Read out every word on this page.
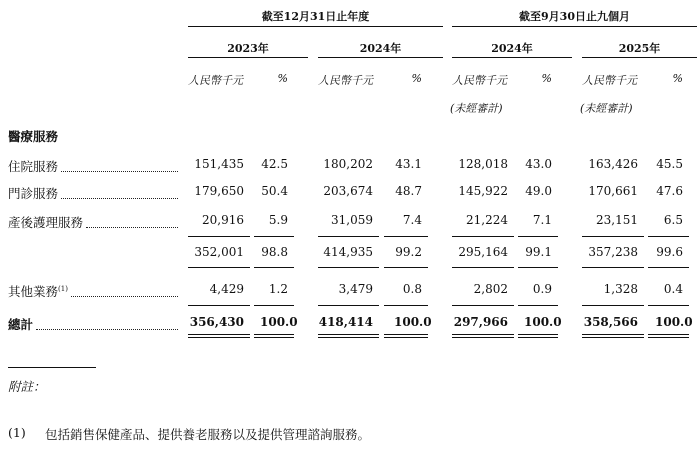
截至12月31日止年度	截至9月30日止九個月
2023年	2024年	2024年	2025年
人民幣千元	%	人民幣千元	%	人民幣千元	%	人民幣千元	%
(未經審計)	(未經審計)
醫療服務
住院服務	151,435 42.5	180,202 43.1	128,018 43.0	163,426 45.5
門診服務	179,650 50.4	203,674 48.7	145,922 49.0	170,661 47.6
產後護理服務	20,916	5.9	31,059	7.4	21,224	7.1	23,151	6.5
352,001 98.8	414,935 99.2	295,164 99.1	357,238 99.6
其他業務$^{(1)}$	4,429	1.2	3,479	0.8	2,802	0.9	1,328	0.4
總計	356,430 100.0	418,414 100.0	297,966 100.0	358,566 100.0
附註：
(1) 包括銷售保健產品、提供養老服務以及提供管理諮詢服務。
